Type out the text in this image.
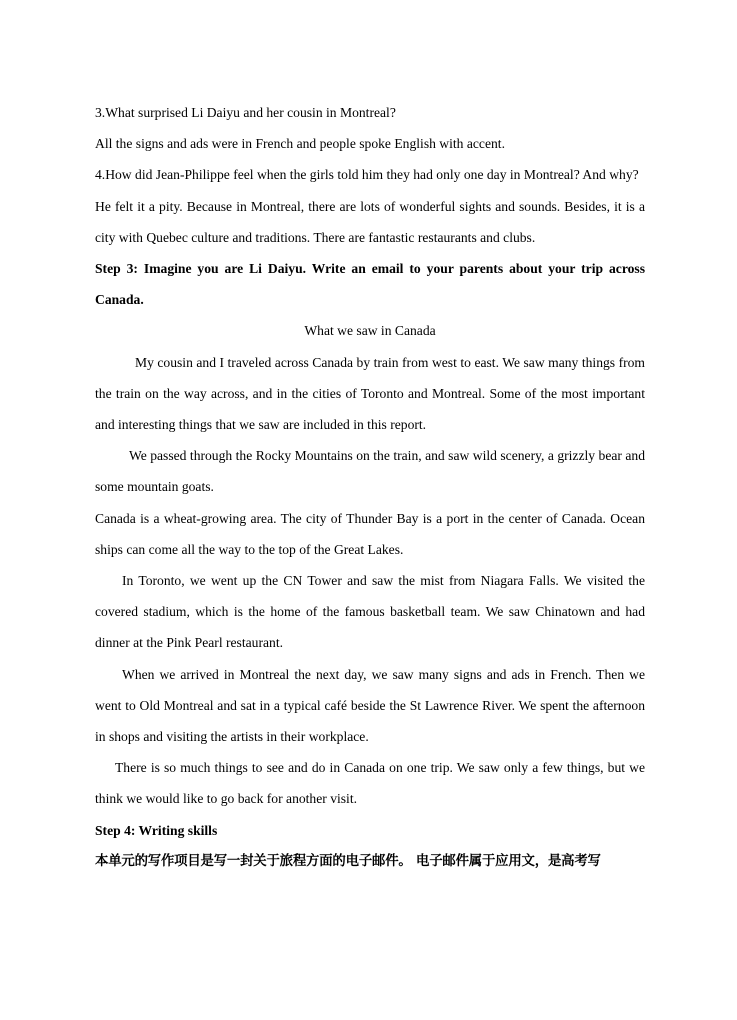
3.What surprised Li Daiyu and her cousin in Montreal?
All the signs and ads were in French and people spoke English with accent.
4.How did Jean-Philippe feel when the girls told him they had only one day in Montreal? And why?
He felt it a pity. Because in Montreal, there are lots of wonderful sights and sounds. Besides, it is a city with Quebec culture and traditions. There are fantastic restaurants and clubs.
Step 3: Imagine you are Li Daiyu. Write an email to your parents about your trip across Canada.
What we saw in Canada
My cousin and I traveled across Canada by train from west to east. We saw many things from the train on the way across, and in the cities of Toronto and Montreal. Some of the most important and interesting things that we saw are included in this report.
We passed through the Rocky Mountains on the train, and saw wild scenery, a grizzly bear and some mountain goats.
Canada is a wheat-growing area. The city of Thunder Bay is a port in the center of Canada. Ocean ships can come all the way to the top of the Great Lakes.
In Toronto, we went up the CN Tower and saw the mist from Niagara Falls. We visited the covered stadium, which is the home of the famous basketball team. We saw Chinatown and had dinner at the Pink Pearl restaurant.
When we arrived in Montreal the next day, we saw many signs and ads in French. Then we went to Old Montreal and sat in a typical café beside the St Lawrence River. We spent the afternoon in shops and visiting the artists in their workplace.
There is so much things to see and do in Canada on one trip. We saw only a few things, but we think we would like to go back for another visit.
Step 4: Writing skills
本单元的写作项目是写一封关于旅程方面的电子邮件。 电子邮件属于应用文，是高考写
